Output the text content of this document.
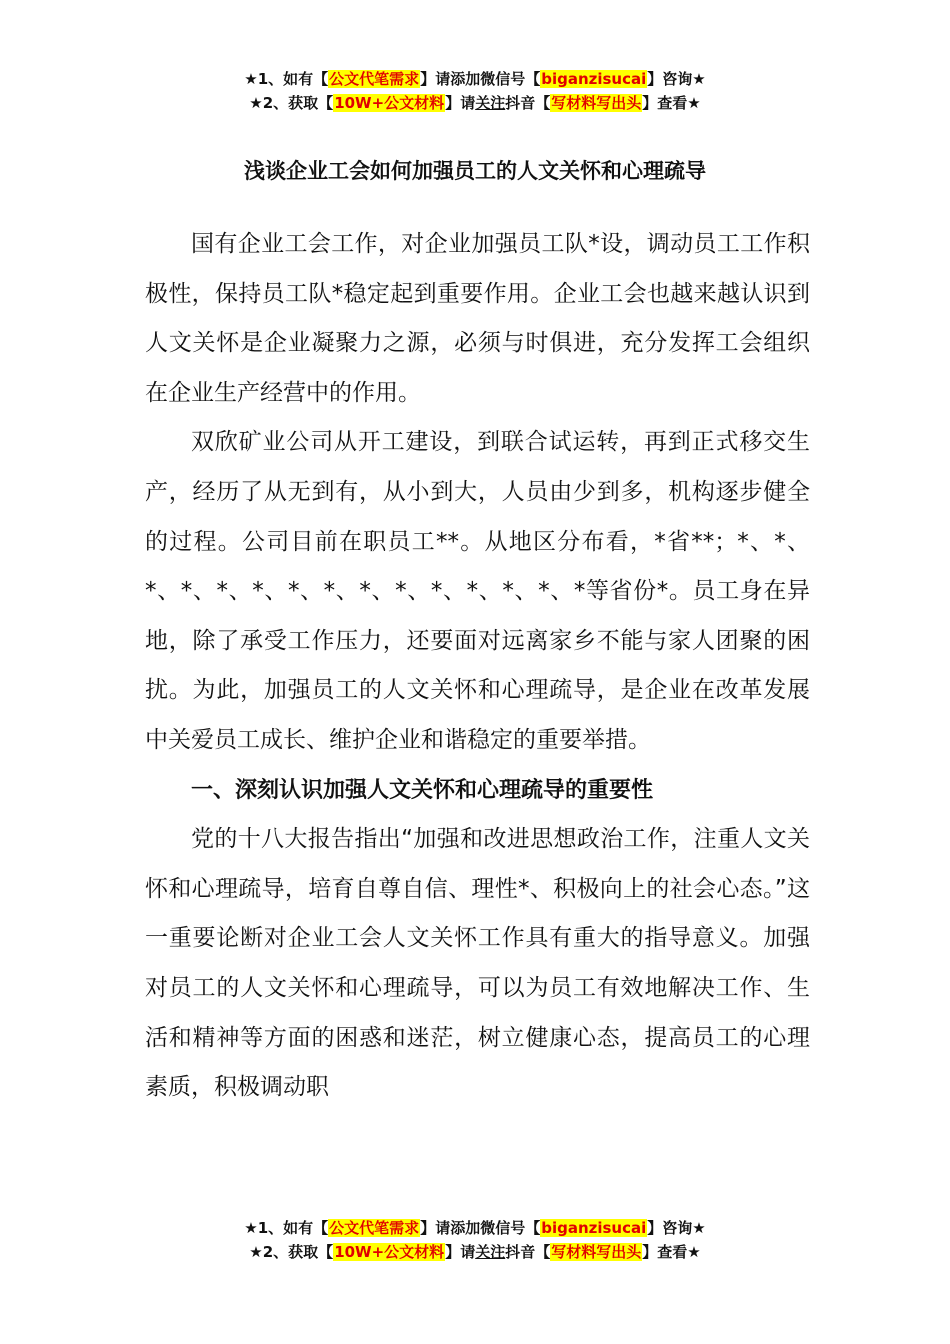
★1、如有【公文代笔需求】请添加微信号【biganzisucai】咨询★
★2、获取【10W+公文材料】请关注抖音【写材料写出头】查看★
浅谈企业工会如何加强员工的人文关怀和心理疏导

国有企业工会工作，对企业加强员工队*设，调动员工工作积极性，保持员工队*稳定起到重要作用。企业工会也越来越认识到人文关怀是企业凝聚力之源，必须与时俱进，充分发挥工会组织在企业生产经营中的作用。

双欣矿业公司从开工建设，到联合试运转，再到正式移交生产，经历了从无到有，从小到大，人员由少到多，机构逐步健全的过程。公司目前在职员工**。从地区分布看，*省**；*、*、*、*、*、*、*、*、*、*、*、*、*、*、*等省份*。员工身在异地，除了承受工作压力，还要面对远离家乡不能与家人团聚的困扰。为此，加强员工的人文关怀和心理疏导，是企业在改革发展中关爱员工成长、维护企业和谐稳定的重要举措。

一、深刻认识加强人文关怀和心理疏导的重要性

党的十八大报告指出“加强和改进思想政治工作，注重人文关怀和心理疏导，培育自尊自信、理性*、积极向上的社会心态。”这一重要论断对企业工会人文关怀工作具有重大的指导意义。加强对员工的人文关怀和心理疏导，可以为员工有效地解决工作、生活和精神等方面的困惑和迷茫，树立健康心态，提高员工的心理素质，积极调动职

★1、如有【公文代笔需求】请添加微信号【biganzisucai】咨询★
★2、获取【10W+公文材料】请关注抖音【写材料写出头】查看★
